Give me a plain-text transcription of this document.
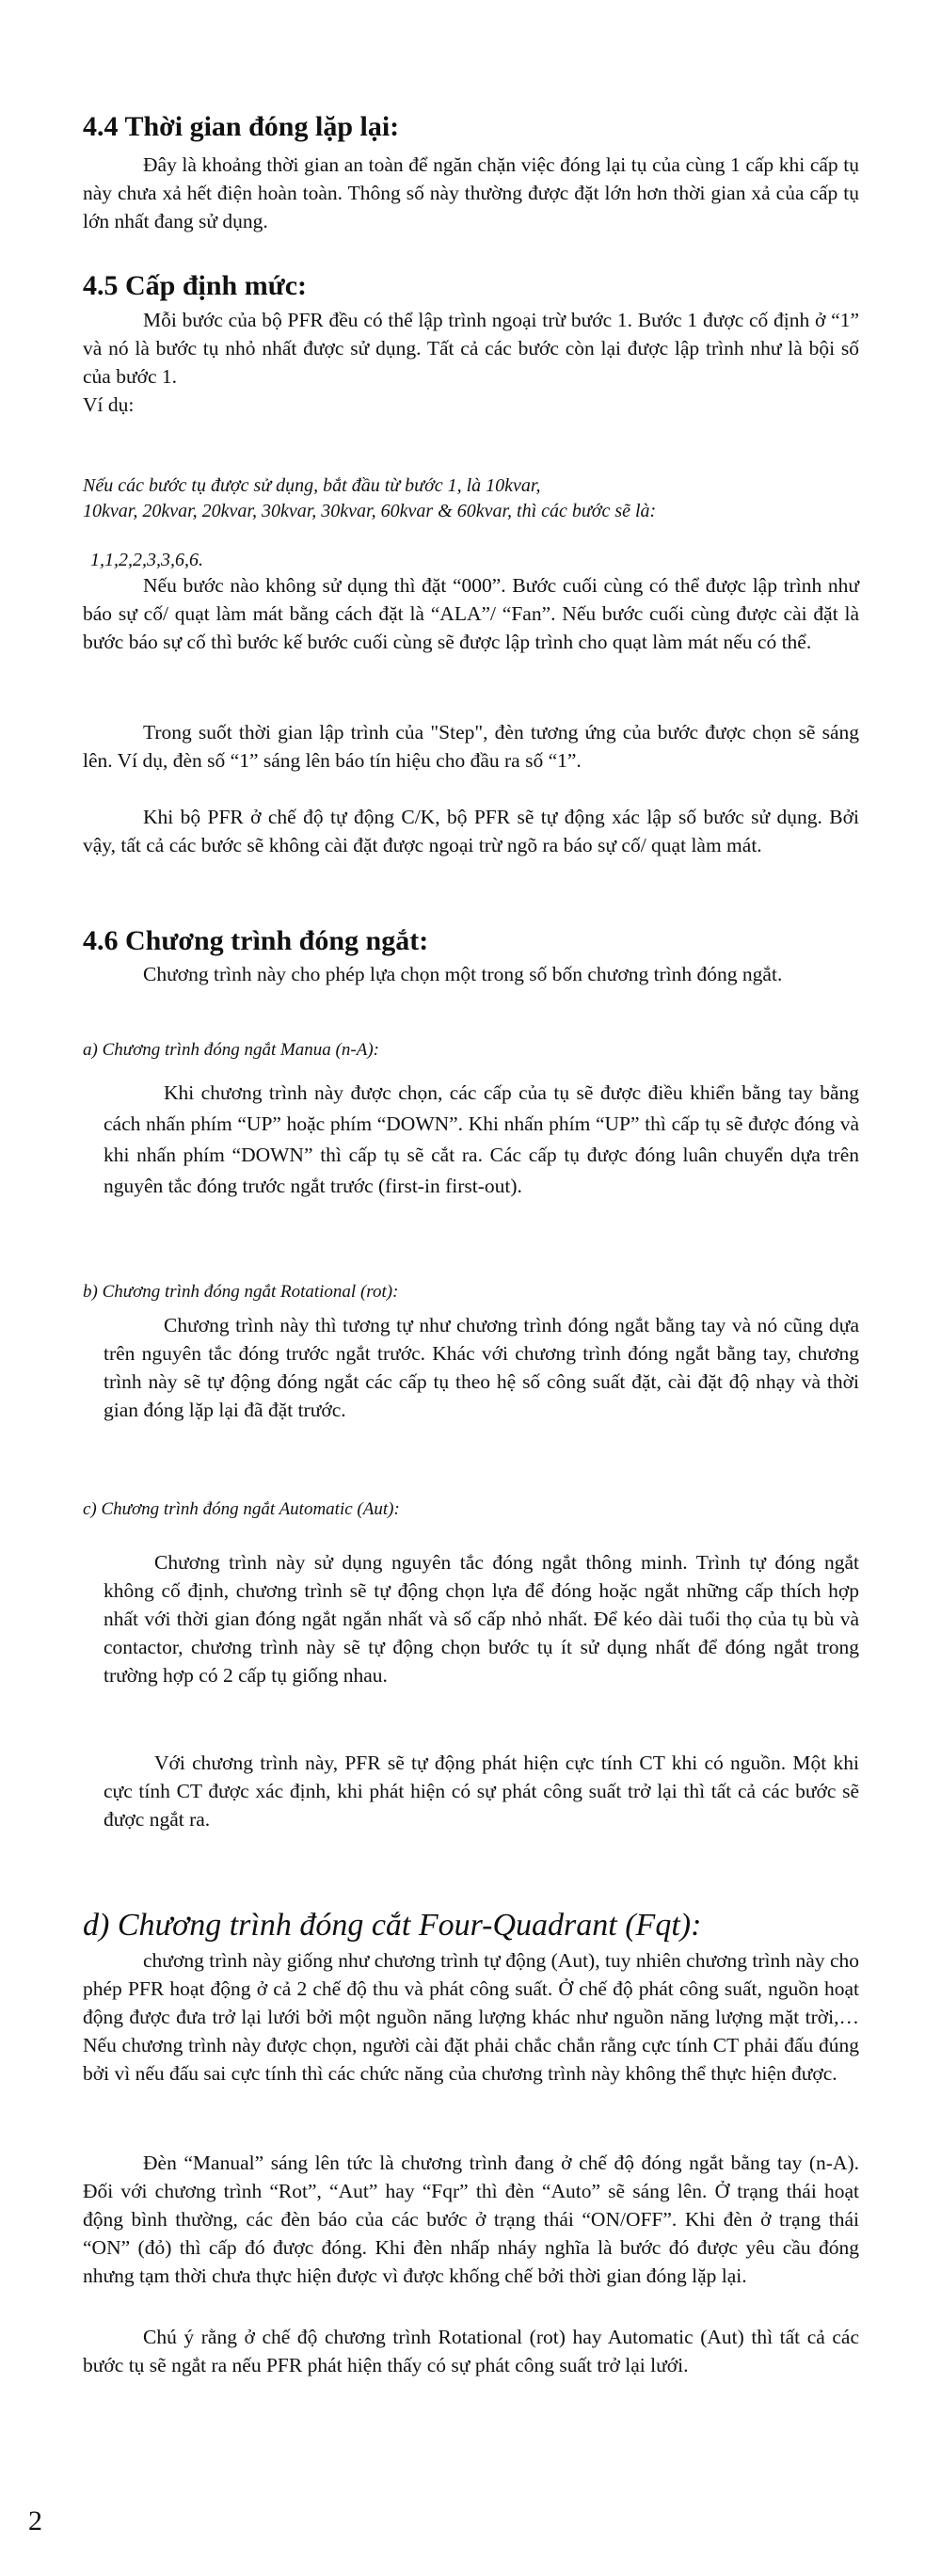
4.4 Thời gian đóng lặp lại:

Đây là khoảng thời gian an toàn để ngăn chặn việc đóng lại tụ của cùng 1 cấp khi cấp tụ này chưa xả hết điện hoàn toàn. Thông số này thường được đặt lớn hơn thời gian xả của cấp tụ lớn nhất đang sử dụng.

4.5 Cấp định mức:

Mỗi bước của bộ PFR đều có thể lập trình ngoại trừ bước 1. Bước 1 được cố định ở “1” và nó là bước tụ nhỏ nhất được sử dụng. Tất cả các bước còn lại được lập trình như là bội số của bước 1.

Ví dụ:

Nếu các bước tụ được sử dụng, bắt đầu từ bước 1, là 10kvar,

10kvar, 20kvar, 20kvar, 30kvar, 30kvar, 60kvar & 60kvar, thì các bước sẽ là:

1,1,2,2,3,3,6,6.

Nếu bước nào không sử dụng thì đặt “000”. Bước cuối cùng có thể được lập trình như báo sự cố/ quạt làm mát bằng cách đặt là “ALA”/ “Fan”. Nếu bước cuối cùng được cài đặt là bước báo sự cố thì bước kế bước cuối cùng sẽ được lập trình cho quạt làm mát nếu có thể.

Trong suốt thời gian lập trình của "Step", đèn tương ứng của bước được chọn sẽ sáng lên. Ví dụ, đèn số “1” sáng lên báo tín hiệu cho đầu ra số “1”.

Khi bộ PFR ở chế độ tự động C/K, bộ PFR sẽ tự động xác lập số bước sử dụng. Bởi vậy, tất cả các bước sẽ không cài đặt được ngoại trừ ngõ ra báo sự cố/ quạt làm mát.

4.6 Chương trình đóng ngắt:

Chương trình này cho phép lựa chọn một trong số bốn chương trình đóng ngắt.

a) Chương trình đóng ngắt Manua (n-A):

Khi chương trình này được chọn, các cấp của tụ sẽ được điều khiển bằng tay bằng cách nhấn phím “UP” hoặc phím “DOWN”. Khi nhấn phím “UP” thì cấp tụ sẽ được đóng và khi nhấn phím “DOWN” thì cấp tụ sẽ cắt ra. Các cấp tụ được đóng luân chuyển dựa trên nguyên tắc đóng trước ngắt trước (first-in first-out).

b) Chương trình đóng ngắt Rotational (rot):

Chương trình này thì tương tự như chương trình đóng ngắt bằng tay và nó cũng dựa trên nguyên tắc đóng trước ngắt trước. Khác với chương trình đóng ngắt bằng tay, chương trình này sẽ tự động đóng ngắt các cấp tụ theo hệ số công suất đặt, cài đặt độ nhạy và thời gian đóng lặp lại đã đặt trước.

c) Chương trình đóng ngắt Automatic (Aut):

Chương trình này sử dụng nguyên tắc đóng ngắt thông minh. Trình tự đóng ngắt không cố định, chương trình sẽ tự động chọn lựa để đóng hoặc ngắt những cấp thích hợp nhất với thời gian đóng ngắt ngắn nhất và số cấp nhỏ nhất. Để kéo dài tuổi thọ của tụ bù và contactor, chương trình này sẽ tự động chọn bước tụ ít sử dụng nhất để đóng ngắt trong trường hợp có 2 cấp tụ giống nhau.

Với chương trình này, PFR sẽ tự động phát hiện cực tính CT khi có nguồn. Một khi cực tính CT được xác định, khi phát hiện có sự phát công suất trở lại thì tất cả các bước sẽ được ngắt ra.

d) Chương trình đóng cắt Four-Quadrant (Fqt):

chương trình này giống như chương trình tự động (Aut), tuy nhiên chương trình này cho phép PFR hoạt động ở cả 2 chế độ thu và phát công suất. Ở chế độ phát công suất, nguồn hoạt động được đưa trở lại lưới bởi một nguồn năng lượng khác như nguồn năng lượng mặt trời,…Nếu chương trình này được chọn, người cài đặt phải chắc chắn rằng cực tính CT phải đấu đúng bởi vì nếu đấu sai cực tính thì các chức năng của chương trình này không thể thực hiện được.

Đèn “Manual” sáng lên tức là chương trình đang ở chế độ đóng ngắt bằng tay (n-A). Đối với chương trình “Rot”, “Aut” hay “Fqr” thì đèn “Auto” sẽ sáng lên. Ở trạng thái hoạt động bình thường, các đèn báo của các bước ở trạng thái “ON/OFF”. Khi đèn ở trạng thái “ON” (đỏ) thì cấp đó được đóng. Khi đèn nhấp nháy nghĩa là bước đó được yêu cầu đóng nhưng tạm thời chưa thực hiện được vì được khống chế bởi thời gian đóng lặp lại.

Chú ý rằng ở chế độ chương trình Rotational (rot) hay Automatic (Aut) thì tất cả các bước tụ sẽ ngắt ra nếu PFR phát hiện thấy có sự phát công suất trở lại lưới.

2
